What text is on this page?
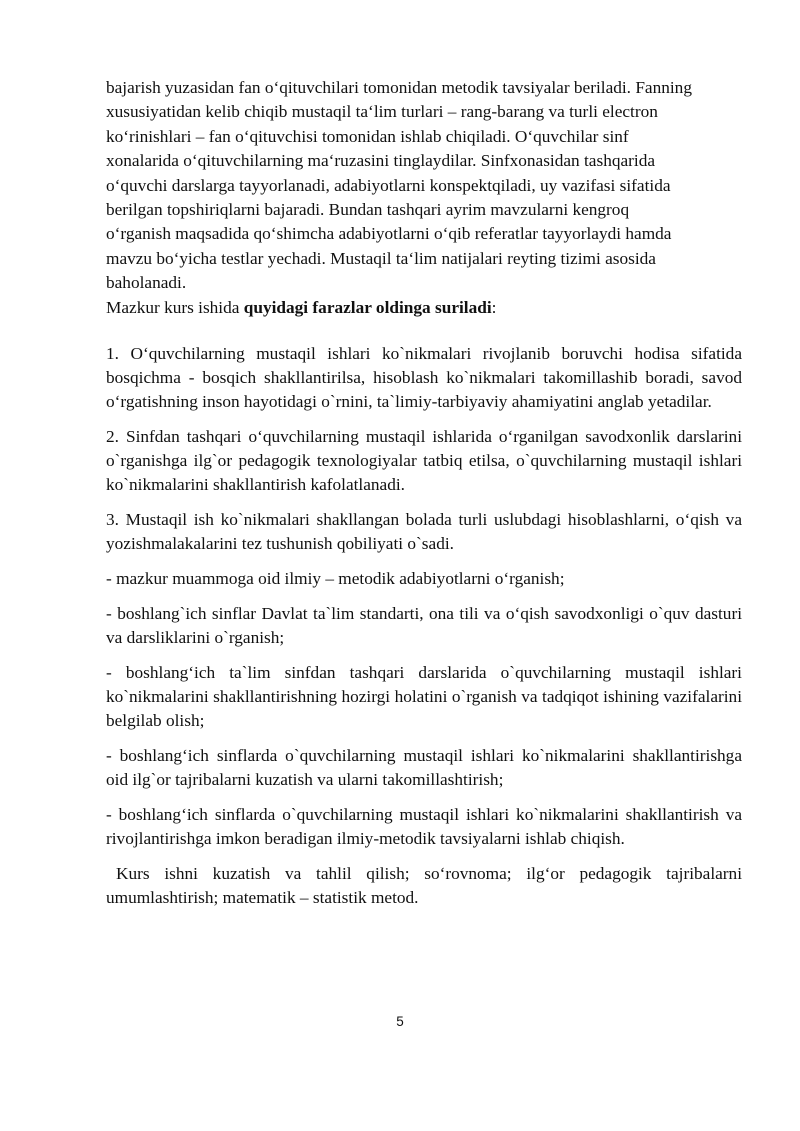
bajarish yuzasidan fan o‘qituvchilari tomonidan metodik tavsiyalar beriladi. Fanning

xususiyatidan kelib chiqib mustaqil ta‘lim turlari – rang-barang va turli electron

ko‘rinishlari – fan o‘qituvchisi tomonidan ishlab chiqiladi. O‘quvchilar sinf

xonalarida o‘qituvchilarning ma‘ruzasini tinglaydilar. Sinfxonasidan tashqarida

o‘quvchi darslarga tayyorlanadi, adabiyotlarni konspektqiladi, uy vazifasi sifatida

berilgan topshiriqlarni bajaradi. Bundan tashqari ayrim mavzularni kengroq

o‘rganish maqsadida qo‘shimcha adabiyotlarni o‘qib referatlar tayyorlaydi hamda

mavzu bo‘yicha testlar yechadi. Mustaqil ta‘lim natijalari reyting tizimi asosida

baholanadi.

Mazkur kurs ishida quyidagi farazlar oldinga suriladi:

1. O‘quvchilarning mustaqil ishlari ko`nikmalari rivojlanib boruvchi hodisa sifatida bosqichma - bosqich shakllantirilsa, hisoblash ko`nikmalari takomillashib boradi, savod o‘rgatishning inson hayotidagi o`rnini, ta`limiy-tarbiyaviy ahamiyatini anglab yetadilar.

2. Sinfdan tashqari o‘quvchilarning mustaqil ishlarida o‘rganilgan savodxonlik darslarini o`rganishga ilg`or pedagogik texnologiyalar tatbiq etilsa, o`quvchilarning mustaqil ishlari ko`nikmalarini shakllantirish kafolatlanadi.

3. Mustaqil ish ko`nikmalari shakllangan bolada turli uslubdagi hisoblashlarni, o‘qish va yozishmalakalarini tez tushunish qobiliyati o`sadi.

- mazkur muammoga oid ilmiy – metodik adabiyotlarni o‘rganish;

- boshlang`ich sinflar Davlat ta`lim standarti, ona tili va o‘qish savodxonligi o`quv dasturi va darsliklarini o`rganish;

- boshlang‘ich ta`lim sinfdan tashqari darslarida o`quvchilarning mustaqil ishlari ko`nikmalarini shakllantirishning hozirgi holatini o`rganish va tadqiqot ishining vazifalarini belgilab olish;

- boshlang‘ich sinflarda o`quvchilarning mustaqil ishlari ko`nikmalarini shakllantirishga oid ilg`or tajribalarni kuzatish va ularni takomillashtirish;

- boshlang‘ich sinflarda o`quvchilarning mustaqil ishlari ko`nikmalarini shakllantirish va rivojlantirishga imkon beradigan ilmiy-metodik tavsiyalarni ishlab chiqish.

Kurs ishni kuzatish va tahlil qilish; so‘rovnoma; ilg‘or pedagogik tajribalarni umumlashtirish; matematik – statistik metod.

5
